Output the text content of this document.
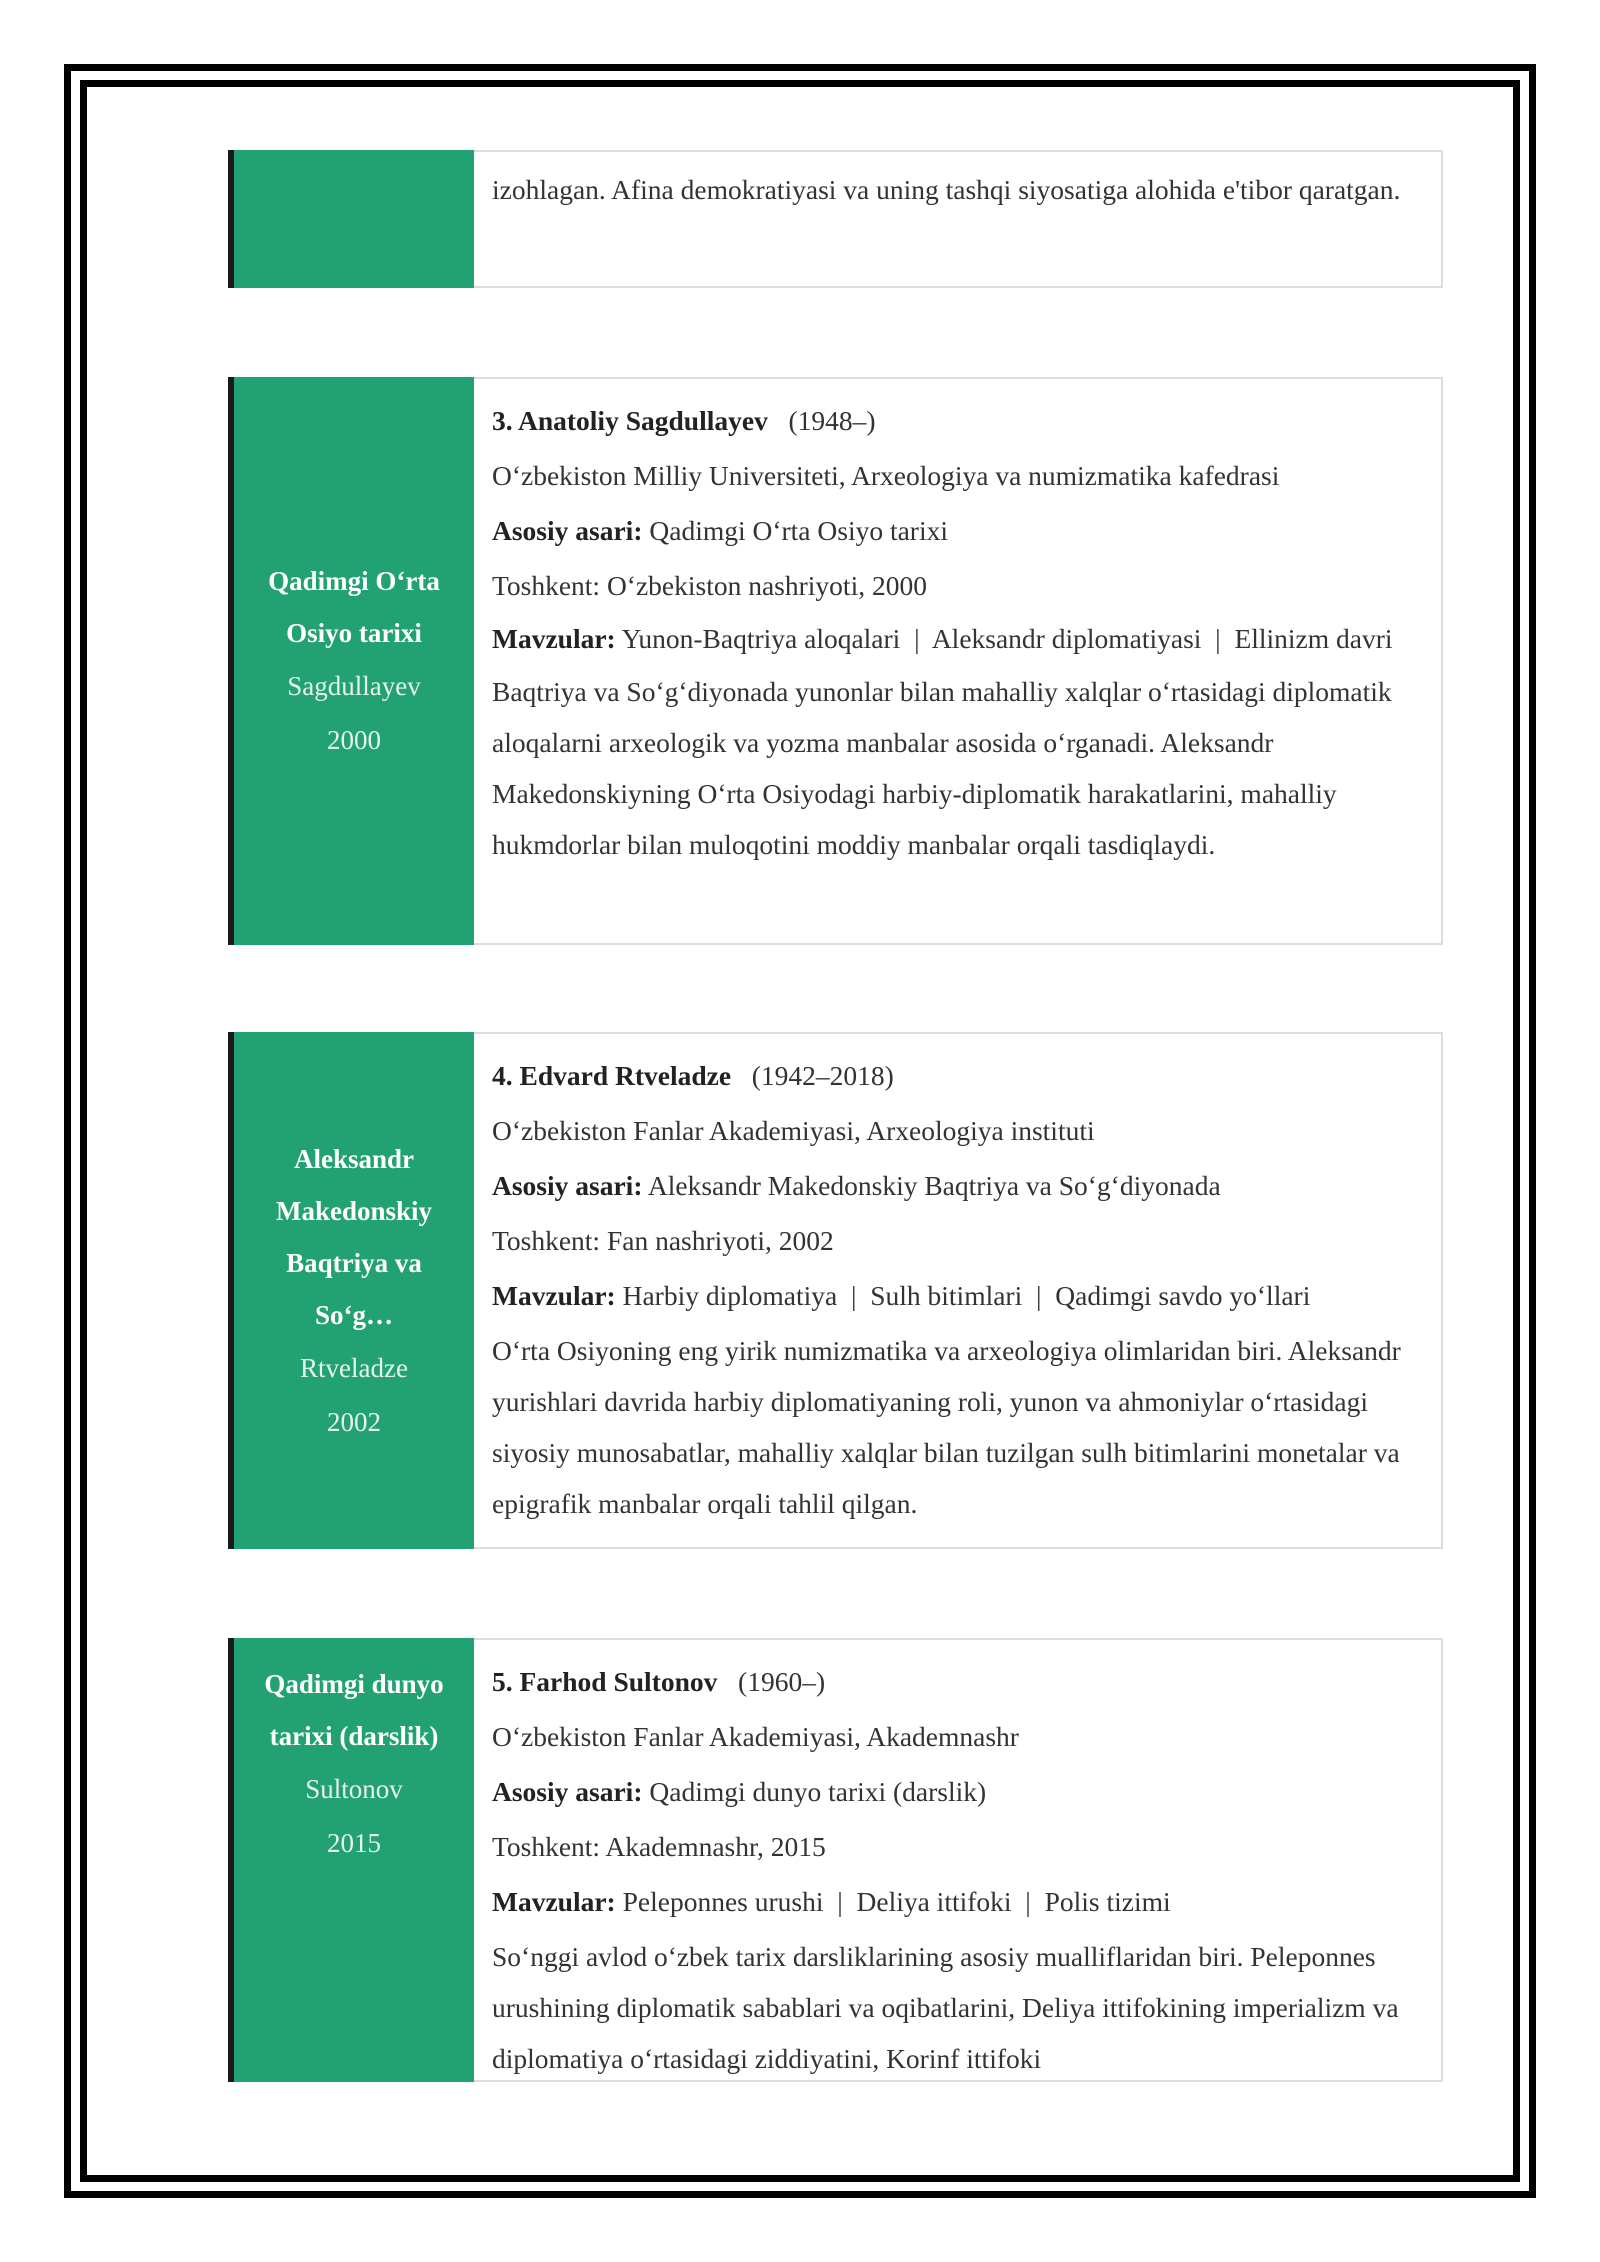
izohlagan. Afina demokratiyasi va uning tashqi siyosatiga alohida e'tibor qaratgan.
Qadimgi O‘rta Osiyo tarixi
Sagdullayev
2000
3. Anatoliy Sagdullayev (1948–)
O‘zbekiston Milliy Universiteti, Arxeologiya va numizmatika kafedrasi
Asosiy asari: Qadimgi O‘rta Osiyo tarixi
Toshkent: O‘zbekiston nashriyoti, 2000
Mavzular: Yunon-Baqtriya aloqalari  |  Aleksandr diplomatiyasi  |  Ellinizm davri
Baqtriya va So‘g‘diyonada yunonlar bilan mahalliy xalqlar o‘rtasidagi diplomatik aloqalarni arxeologik va yozma manbalar asosida o‘rganadi. Aleksandr Makedonskiyning O‘rta Osiyodagi harbiy-diplomatik harakatlarini, mahalliy hukmdorlar bilan muloqotini moddiy manbalar orqali tasdiqlaydi.
Aleksandr Makedonskiy Baqtriya va So‘g…
Rtveladze
2002
4. Edvard Rtveladze (1942–2018)
O‘zbekiston Fanlar Akademiyasi, Arxeologiya instituti
Asosiy asari: Aleksandr Makedonskiy Baqtriya va So‘g‘diyonada
Toshkent: Fan nashriyoti, 2002
Mavzular: Harbiy diplomatiya  |  Sulh bitimlari  |  Qadimgi savdo yo‘llari
O‘rta Osiyoning eng yirik numizmatika va arxeologiya olimlaridan biri. Aleksandr yurishlari davrida harbiy diplomatiyaning roli, yunon va ahmoniylar o‘rtasidagi siyosiy munosabatlar, mahalliy xalqlar bilan tuzilgan sulh bitimlarini monetalar va epigrafik manbalar orqali tahlil qilgan.
Qadimgi dunyo tarixi (darslik)
Sultonov
2015
5. Farhod Sultonov (1960–)
O‘zbekiston Fanlar Akademiyasi, Akademnashr
Asosiy asari: Qadimgi dunyo tarixi (darslik)
Toshkent: Akademnashr, 2015
Mavzular: Peleponnes urushi  |  Deliya ittifoki  |  Polis tizimi
So‘nggi avlod o‘zbek tarix darsliklarining asosiy mualliflaridan biri. Peleponnes urushining diplomatik sabablari va oqibatlarini, Deliya ittifokining imperializm va diplomatiya o‘rtasidagi ziddiyatini, Korinf ittifoki
